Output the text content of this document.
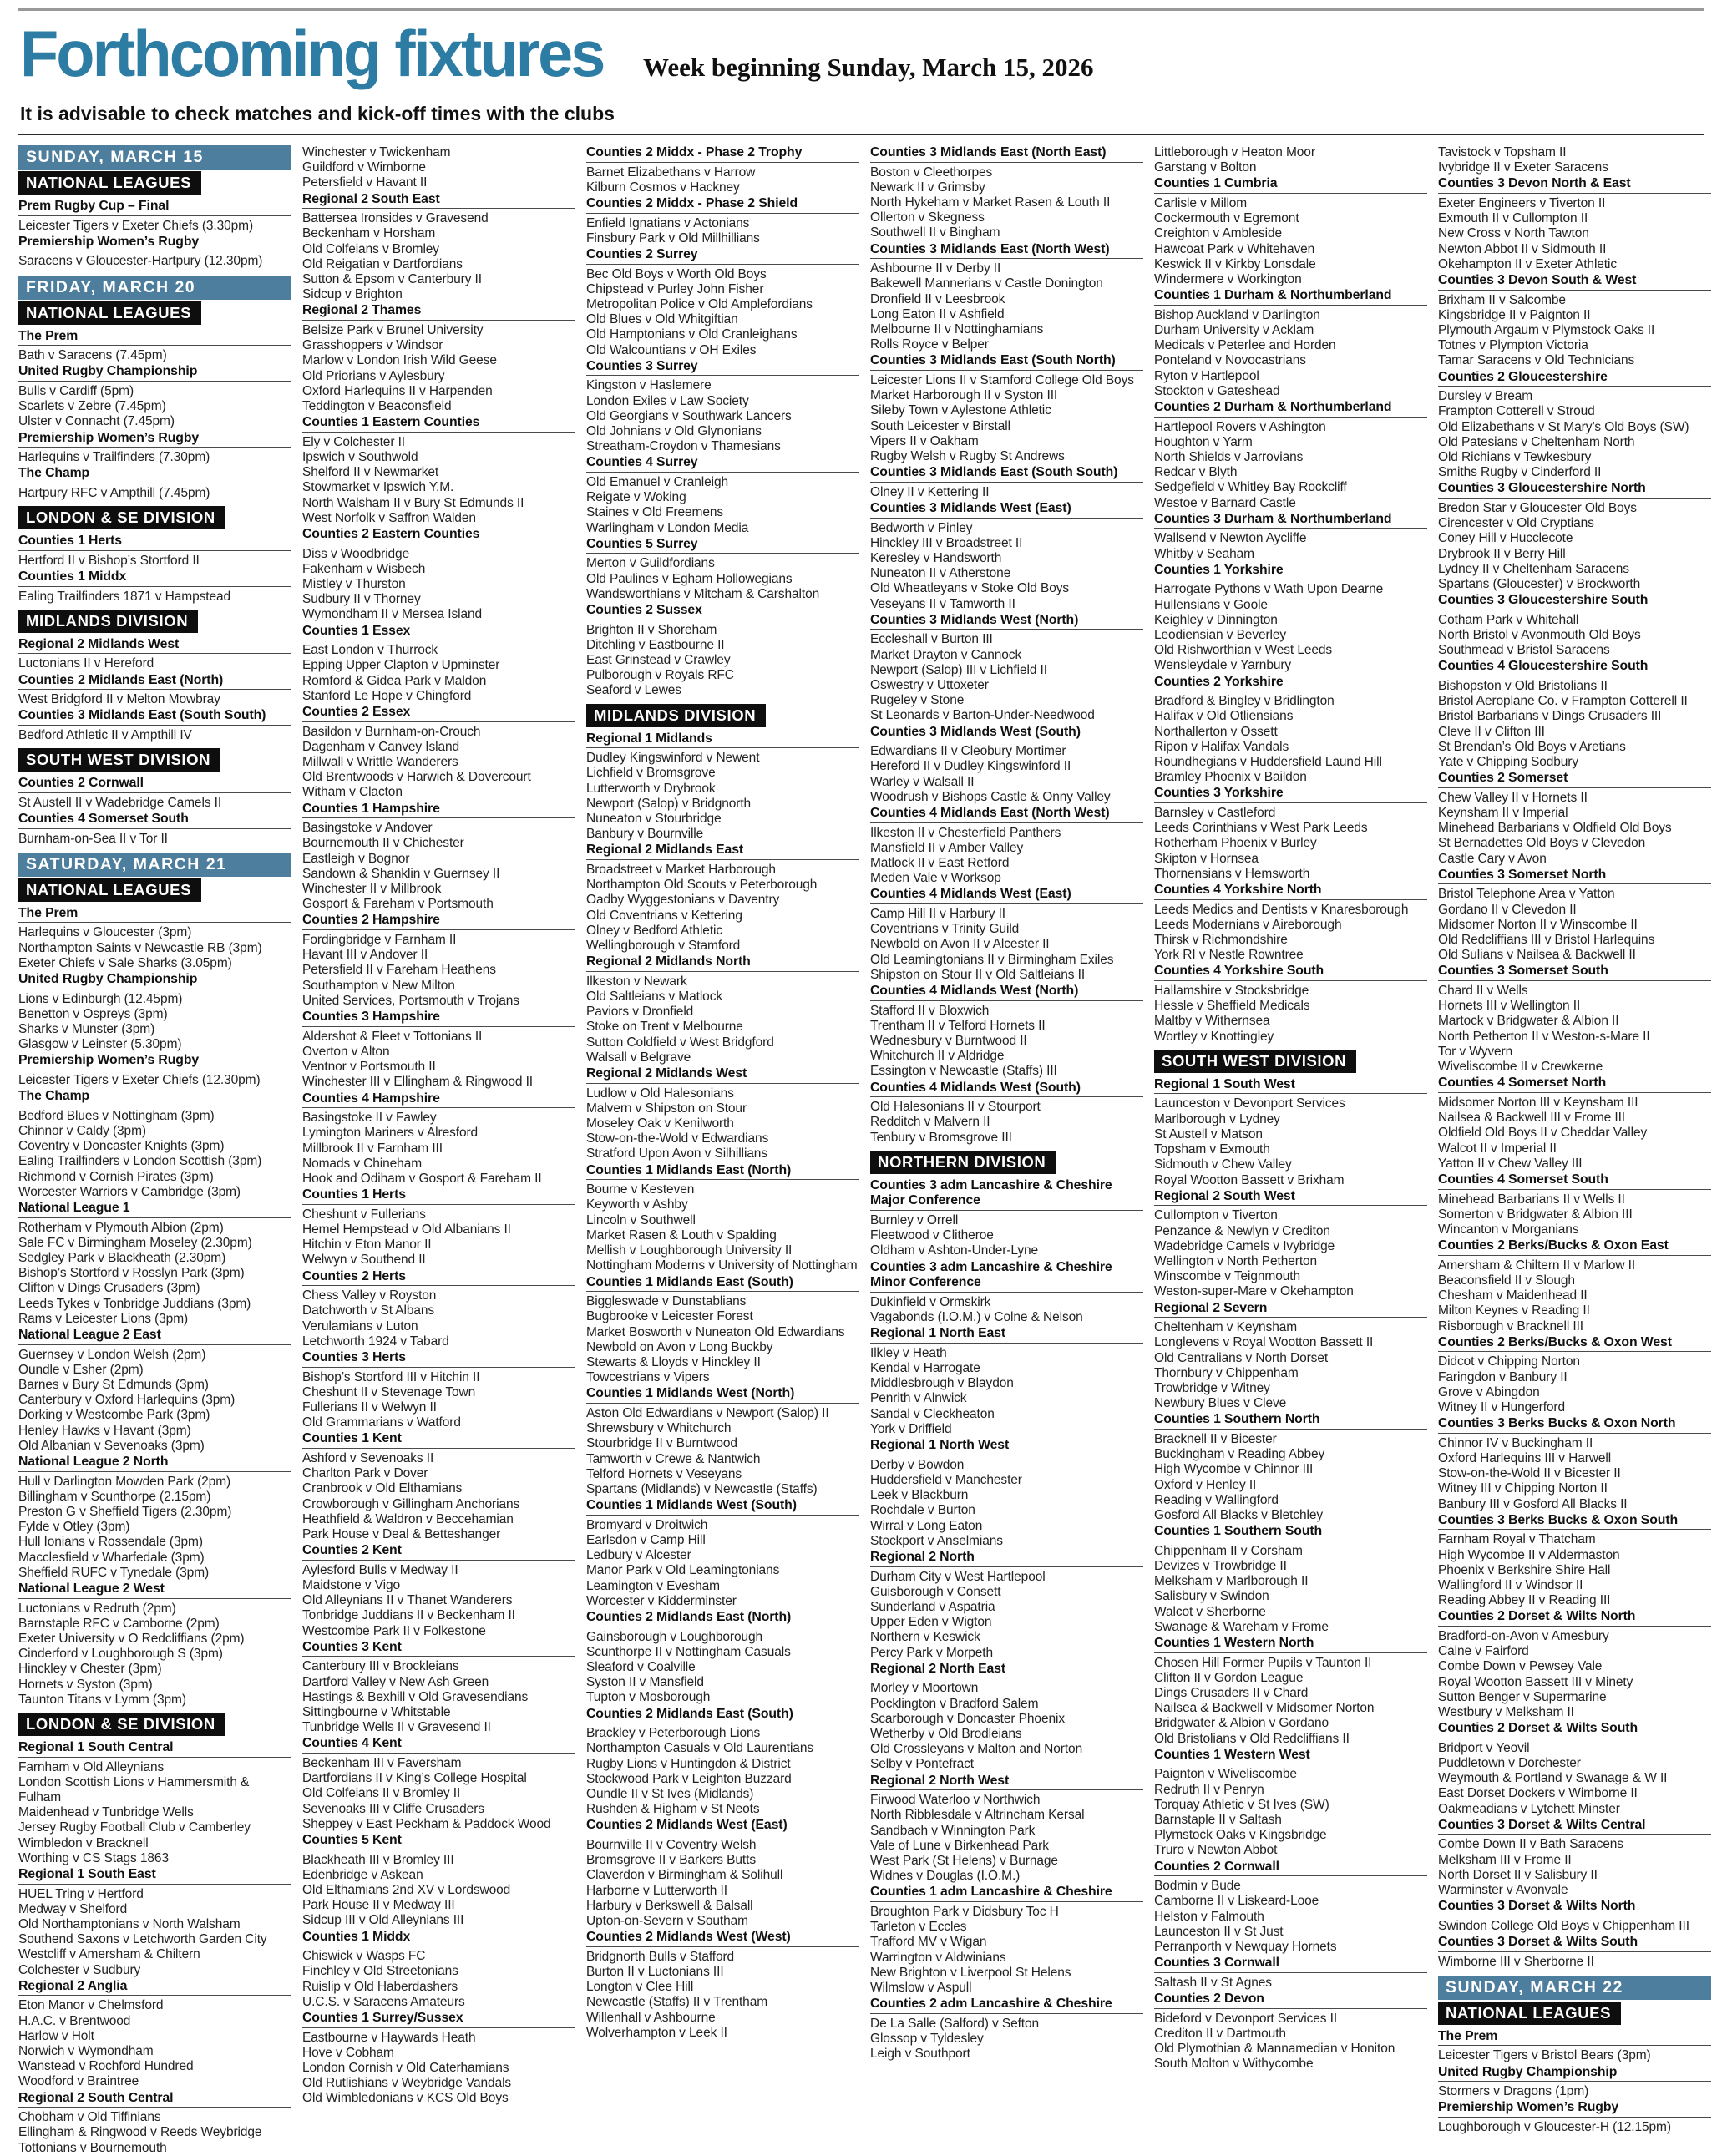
Forthcoming fixtures Week beginning Sunday, March 15, 2026
It is advisable to check matches and kick-off times with the clubs
SUNDAY, MARCH 15
NATIONAL LEAGUES
Prem Rugby Cup – Final
Leicester Tigers v Exeter Chiefs (3.30pm)
Premiership Women’s Rugby
Saracens v Gloucester-Hartpury (12.30pm)
FRIDAY, MARCH 20
NATIONAL LEAGUES
The Prem
Bath v Saracens (7.45pm)
United Rugby Championship
Bulls v Cardiff (5pm)
Scarlets v Zebre (7.45pm)
Ulster v Connacht (7.45pm)
Premiership Women’s Rugby
Harlequins v Trailfinders (7.30pm)
The Champ
Hartpury RFC v Ampthill (7.45pm)
LONDON & SE DIVISION
Counties 1 Herts
Hertford II v Bishop’s Stortford II
Counties 1 Middx
Ealing Trailfinders 1871 v Hampstead
MIDLANDS DIVISION
Regional 2 Midlands West
Luctonians II v Hereford
Counties 2 Midlands East (North)
West Bridgford II v Melton Mowbray
Counties 3 Midlands East (South South)
Bedford Athletic II v Ampthill IV
SOUTH WEST DIVISION
Counties 2 Cornwall
St Austell II v Wadebridge Camels II
Counties 4 Somerset South
Burnham-on-Sea II v Tor II
SATURDAY, MARCH 21
NATIONAL LEAGUES
The Prem
Harlequins v Gloucester (3pm)
Northampton Saints v Newcastle RB (3pm)
Exeter Chiefs v Sale Sharks (3.05pm)
United Rugby Championship
Lions v Edinburgh (12.45pm)
Benetton v Ospreys (3pm)
Sharks v Munster (3pm)
Glasgow v Leinster (5.30pm)
Premiership Women’s Rugby
Leicester Tigers v Exeter Chiefs (12.30pm)
The Champ
Bedford Blues v Nottingham (3pm)
Chinnor v Caldy (3pm)
Coventry v Doncaster Knights (3pm)
Ealing Trailfinders v London Scottish (3pm)
Richmond v Cornish Pirates (3pm)
Worcester Warriors v Cambridge (3pm)
National League 1
Rotherham v Plymouth Albion (2pm)
Sale FC v Birmingham Moseley (2.30pm)
Sedgley Park v Blackheath (2.30pm)
Bishop’s Stortford v Rosslyn Park (3pm)
Clifton v Dings Crusaders (3pm)
Leeds Tykes v Tonbridge Juddians (3pm)
Rams v Leicester Lions (3pm)
National League 2 East
Guernsey v London Welsh (2pm)
Oundle v Esher (2pm)
Barnes v Bury St Edmunds (3pm)
Canterbury v Oxford Harlequins (3pm)
Dorking v Westcombe Park (3pm)
Henley Hawks v Havant (3pm)
Old Albanian v Sevenoaks (3pm)
National League 2 North
Hull v Darlington Mowden Park (2pm)
Billingham v Scunthorpe (2.15pm)
Preston G v Sheffield Tigers (2.30pm)
Fylde v Otley (3pm)
Hull Ionians v Rossendale (3pm)
Macclesfield v Wharfedale (3pm)
Sheffield RUFC v Tynedale (3pm)
National League 2 West
Luctonians v Redruth (2pm)
Barnstaple RFC v Camborne (2pm)
Exeter University v O Redcliffians (2pm)
Cinderford v Loughborough S (3pm)
Hinckley v Chester (3pm)
Hornets v Syston (3pm)
Taunton Titans v Lymm (3pm)
LONDON & SE DIVISION
Regional 1 South Central
Farnham v Old Alleynians
London Scottish Lions v Hammersmith & Fulham
Maidenhead v Tunbridge Wells
Jersey Rugby Football Club v Camberley
Wimbledon v Bracknell
Worthing v CS Stags 1863
Regional 1 South East
HUEL Tring v Hertford
Medway v Shelford
Old Northamptonians v North Walsham
Southend Saxons v Letchworth Garden City
Westcliff v Amersham & Chiltern
Colchester v Sudbury
Regional 2 Anglia
Eton Manor v Chelmsford
H.A.C. v Brentwood
Harlow v Holt
Norwich v Wymondham
Wanstead v Rochford Hundred
Woodford v Braintree
Regional 2 South Central
Chobham v Old Tiffinians
Ellingham & Ringwood v Reeds Weybridge
Tottonians v Bournemouth
Winchester v Twickenham
Guildford v Wimborne
Petersfield v Havant II
Regional 2 South East
Battersea Ironsides v Gravesend
Beckenham v Horsham
Old Colfeians v Bromley
Old Reigatian v Dartfordians
Sutton & Epsom v Canterbury II
Sidcup v Brighton
Regional 2 Thames
Belsize Park v Brunel University
Grasshoppers v Windsor
Marlow v London Irish Wild Geese
Old Priorians v Aylesbury
Oxford Harlequins II v Harpenden
Teddington v Beaconsfield
Counties 1 Eastern Counties
Ely v Colchester II
Ipswich v Southwold
Shelford II v Newmarket
Stowmarket v Ipswich Y.M.
North Walsham II v Bury St Edmunds II
West Norfolk v Saffron Walden
Counties 2 Eastern Counties
Diss v Woodbridge
Fakenham v Wisbech
Mistley v Thurston
Sudbury II v Thorney
Wymondham II v Mersea Island
Counties 1 Essex
East London v Thurrock
Epping Upper Clapton v Upminster
Romford & Gidea Park v Maldon
Stanford Le Hope v Chingford
Counties 2 Essex
Basildon v Burnham-on-Crouch
Dagenham v Canvey Island
Millwall v Writtle Wanderers
Old Brentwoods v Harwich & Dovercourt
Witham v Clacton
Counties 1 Hampshire
Basingstoke v Andover
Bournemouth II v Chichester
Eastleigh v Bognor
Sandown & Shanklin v Guernsey II
Winchester II v Millbrook
Gosport & Fareham v Portsmouth
Counties 2 Hampshire
Fordingbridge v Farnham II
Havant III v Andover II
Petersfield II v Fareham Heathens
Southampton v New Milton
United Services, Portsmouth v Trojans
Counties 3 Hampshire
Aldershot & Fleet v Tottonians II
Overton v Alton
Ventnor v Portsmouth II
Winchester III v Ellingham & Ringwood II
Counties 4 Hampshire
Basingstoke II v Fawley
Lymington Mariners v Alresford
Millbrook II v Farnham III
Nomads v Chineham
Hook and Odiham v Gosport & Fareham II
Counties 1 Herts
Cheshunt v Fullerians
Hemel Hempstead v Old Albanians II
Hitchin v Eton Manor II
Welwyn v Southend II
Counties 2 Herts
Chess Valley v Royston
Datchworth v St Albans
Verulamians v Luton
Letchworth 1924 v Tabard
Counties 3 Herts
Bishop’s Stortford III v Hitchin II
Cheshunt II v Stevenage Town
Fullerians II v Welwyn II
Old Grammarians v Watford
Counties 1 Kent
Ashford v Sevenoaks II
Charlton Park v Dover
Cranbrook v Old Elthamians
Crowborough v Gillingham Anchorians
Heathfield & Waldron v Beccehamian
Park House v Deal & Betteshanger
Counties 2 Kent
Aylesford Bulls v Medway II
Maidstone v Vigo
Old Alleynians II v Thanet Wanderers
Tonbridge Juddians II v Beckenham II
Westcombe Park II v Folkestone
Counties 3 Kent
Canterbury III v Brockleians
Dartford Valley v New Ash Green
Hastings & Bexhill v Old Gravesendians
Sittingbourne v Whitstable
Tunbridge Wells II v Gravesend II
Counties 4 Kent
Beckenham III v Faversham
Dartfordians II v King’s College Hospital
Old Colfeians II v Bromley II
Sevenoaks III v Cliffe Crusaders
Sheppey v East Peckham & Paddock Wood
Counties 5 Kent
Blackheath III v Bromley III
Edenbridge v Askean
Old Elthamians 2nd XV v Lordswood
Park House II v Medway III
Sidcup III v Old Alleynians III
Counties 1 Middx
Chiswick v Wasps FC
Finchley v Old Streetonians
Ruislip v Old Haberdashers
U.C.S. v Saracens Amateurs
Counties 1 Surrey/Sussex
Eastbourne v Haywards Heath
Hove v Cobham
London Cornish v Old Caterhamians
Old Rutlishians v Weybridge Vandals
Old Wimbledonians v KCS Old Boys
Counties 2 Middx - Phase 2 Trophy
Barnet Elizabethans v Harrow
Kilburn Cosmos v Hackney
Counties 2 Middx - Phase 2 Shield
Enfield Ignatians v Actonians
Finsbury Park v Old Millhillians
Counties 2 Surrey
Bec Old Boys v Worth Old Boys
Chipstead v Purley John Fisher
Metropolitan Police v Old Amplefordians
Old Blues v Old Whitgiftian
Old Hamptonians v Old Cranleighans
Old Walcountians v OH Exiles
Counties 3 Surrey
Kingston v Haslemere
London Exiles v Law Society
Old Georgians v Southwark Lancers
Old Johnians v Old Glynonians
Streatham-Croydon v Thamesians
Counties 4 Surrey
Old Emanuel v Cranleigh
Reigate v Woking
Staines v Old Freemens
Warlingham v London Media
Counties 5 Surrey
Merton v Guildfordians
Old Paulines v Egham Hollowegians
Wandsworthians v Mitcham & Carshalton
Counties 2 Sussex
Brighton II v Shoreham
Ditchling v Eastbourne II
East Grinstead v Crawley
Pulborough v Royals RFC
Seaford v Lewes
MIDLANDS DIVISION
Regional 1 Midlands
Dudley Kingswinford v Newent
Lichfield v Bromsgrove
Lutterworth v Drybrook
Newport (Salop) v Bridgnorth
Nuneaton v Stourbridge
Banbury v Bournville
Regional 2 Midlands East
Broadstreet v Market Harborough
Northampton Old Scouts v Peterborough
Oadby Wyggestonians v Daventry
Old Coventrians v Kettering
Olney v Bedford Athletic
Wellingborough v Stamford
Regional 2 Midlands North
Ilkeston v Newark
Old Saltleians v Matlock
Paviors v Dronfield
Stoke on Trent v Melbourne
Sutton Coldfield v West Bridgford
Walsall v Belgrave
Regional 2 Midlands West
Ludlow v Old Halesonians
Malvern v Shipston on Stour
Moseley Oak v Kenilworth
Stow-on-the-Wold v Edwardians
Stratford Upon Avon v Silhillians
Counties 1 Midlands East (North)
Bourne v Kesteven
Keyworth v Ashby
Lincoln v Southwell
Market Rasen & Louth v Spalding
Mellish v Loughborough University II
Nottingham Moderns v University of Nottingham
Counties 1 Midlands East (South)
Biggleswade v Dunstablians
Bugbrooke v Leicester Forest
Market Bosworth v Nuneaton Old Edwardians
Newbold on Avon v Long Buckby
Stewarts & Lloyds v Hinckley II
Towcestrians v Vipers
Counties 1 Midlands West (North)
Aston Old Edwardians v Newport (Salop) II
Shrewsbury v Whitchurch
Stourbridge II v Burntwood
Tamworth v Crewe & Nantwich
Telford Hornets v Veseyans
Spartans (Midlands) v Newcastle (Staffs)
Counties 1 Midlands West (South)
Bromyard v Droitwich
Earlsdon v Camp Hill
Ledbury v Alcester
Manor Park v Old Leamingtonians
Leamington v Evesham
Worcester v Kidderminster
Counties 2 Midlands East (North)
Gainsborough v Loughborough
Scunthorpe II v Nottingham Casuals
Sleaford v Coalville
Syston II v Mansfield
Tupton v Mosborough
Counties 2 Midlands East (South)
Brackley v Peterborough Lions
Northampton Casuals v Old Laurentians
Rugby Lions v Huntingdon & District
Stockwood Park v Leighton Buzzard
Oundle II v St Ives (Midlands)
Rushden & Higham v St Neots
Counties 2 Midlands West (East)
Bournville II v Coventry Welsh
Bromsgrove II v Barkers Butts
Claverdon v Birmingham & Solihull
Harborne v Lutterworth II
Harbury v Berkswell & Balsall
Upton-on-Severn v Southam
Counties 2 Midlands West (West)
Bridgnorth Bulls v Stafford
Burton II v Luctonians III
Longton v Clee Hill
Newcastle (Staffs) II v Trentham
Willenhall v Ashbourne
Wolverhampton v Leek II
Counties 3 Midlands East (North East)
Boston v Cleethorpes
Newark II v Grimsby
North Hykeham v Market Rasen & Louth II
Ollerton v Skegness
Southwell II v Bingham
Counties 3 Midlands East (North West)
Ashbourne II v Derby II
Bakewell Mannerians v Castle Donington
Dronfield II v Leesbrook
Long Eaton II v Ashfield
Melbourne II v Nottinghamians
Rolls Royce v Belper
Counties 3 Midlands East (South North)
Leicester Lions II v Stamford College Old Boys
Market Harborough II v Syston III
Sileby Town v Aylestone Athletic
South Leicester v Birstall
Vipers II v Oakham
Rugby Welsh v Rugby St Andrews
Counties 3 Midlands East (South South)
Olney II v Kettering II
Counties 3 Midlands West (East)
Bedworth v Pinley
Hinckley III v Broadstreet II
Keresley v Handsworth
Nuneaton II v Atherstone
Old Wheatleyans v Stoke Old Boys
Veseyans II v Tamworth II
Counties 3 Midlands West (North)
Eccleshall v Burton III
Market Drayton v Cannock
Newport (Salop) III v Lichfield II
Oswestry v Uttoxeter
Rugeley v Stone
St Leonards v Barton-Under-Needwood
Counties 3 Midlands West (South)
Edwardians II v Cleobury Mortimer
Hereford II v Dudley Kingswinford II
Warley v Walsall II
Woodrush v Bishops Castle & Onny Valley
Counties 4 Midlands East (North West)
Ilkeston II v Chesterfield Panthers
Mansfield II v Amber Valley
Matlock II v East Retford
Meden Vale v Worksop
Counties 4 Midlands West (East)
Camp Hill II v Harbury II
Coventrians v Trinity Guild
Newbold on Avon II v Alcester II
Old Leamingtonians II v Birmingham Exiles
Shipston on Stour II v Old Saltleians II
Counties 4 Midlands West (North)
Stafford II v Bloxwich
Trentham II v Telford Hornets II
Wednesbury v Burntwood II
Whitchurch II v Aldridge
Essington v Newcastle (Staffs) III
Counties 4 Midlands West (South)
Old Halesonians II v Stourport
Redditch v Malvern II
Tenbury v Bromsgrove III
NORTHERN DIVISION
Counties 3 adm Lancashire & Cheshire Major Conference
Burnley v Orrell
Fleetwood v Clitheroe
Oldham v Ashton-Under-Lyne
Counties 3 adm Lancashire & Cheshire Minor Conference
Dukinfield v Ormskirk
Vagabonds (I.O.M.) v Colne & Nelson
Regional 1 North East
Ilkley v Heath
Kendal v Harrogate
Middlesbrough v Blaydon
Penrith v Alnwick
Sandal v Cleckheaton
York v Driffield
Regional 1 North West
Derby v Bowdon
Huddersfield v Manchester
Leek v Blackburn
Rochdale v Burton
Wirral v Long Eaton
Stockport v Anselmians
Regional 2 North
Durham City v West Hartlepool
Guisborough v Consett
Sunderland v Aspatria
Upper Eden v Wigton
Northern v Keswick
Percy Park v Morpeth
Regional 2 North East
Morley v Moortown
Pocklington v Bradford Salem
Scarborough v Doncaster Phoenix
Wetherby v Old Brodleians
Old Crossleyans v Malton and Norton
Selby v Pontefract
Regional 2 North West
Firwood Waterloo v Northwich
North Ribblesdale v Altrincham Kersal
Sandbach v Winnington Park
Vale of Lune v Birkenhead Park
West Park (St Helens) v Burnage
Widnes v Douglas (I.O.M.)
Counties 1 adm Lancashire & Cheshire
Broughton Park v Didsbury Toc H
Tarleton v Eccles
Trafford MV v Wigan
Warrington v Aldwinians
New Brighton v Liverpool St Helens
Wilmslow v Aspull
Counties 2 adm Lancashire & Cheshire
De La Salle (Salford) v Sefton
Glossop v Tyldesley
Leigh v Southport
Littleborough v Heaton Moor
Garstang v Bolton
Counties 1 Cumbria
Carlisle v Millom
Cockermouth v Egremont
Creighton v Ambleside
Hawcoat Park v Whitehaven
Keswick II v Kirkby Lonsdale
Windermere v Workington
Counties 1 Durham & Northumberland
Bishop Auckland v Darlington
Durham University v Acklam
Medicals v Peterlee and Horden
Ponteland v Novocastrians
Ryton v Hartlepool
Stockton v Gateshead
Counties 2 Durham & Northumberland
Hartlepool Rovers v Ashington
Houghton v Yarm
North Shields v Jarrovians
Redcar v Blyth
Sedgefield v Whitley Bay Rockcliff
Westoe v Barnard Castle
Counties 3 Durham & Northumberland
Wallsend v Newton Aycliffe
Whitby v Seaham
Counties 1 Yorkshire
Harrogate Pythons v Wath Upon Dearne
Hullensians v Goole
Keighley v Dinnington
Leodiensian v Beverley
Old Rishworthian v West Leeds
Wensleydale v Yarnbury
Counties 2 Yorkshire
Bradford & Bingley v Bridlington
Halifax v Old Otliensians
Northallerton v Ossett
Ripon v Halifax Vandals
Roundhegians v Huddersfield Laund Hill
Bramley Phoenix v Baildon
Counties 3 Yorkshire
Barnsley v Castleford
Leeds Corinthians v West Park Leeds
Rotherham Phoenix v Burley
Skipton v Hornsea
Thornensians v Hemsworth
Counties 4 Yorkshire North
Leeds Medics and Dentists v Knaresborough
Leeds Modernians v Aireborough
Thirsk v Richmondshire
York RI v Nestle Rowntree
Counties 4 Yorkshire South
Hallamshire v Stocksbridge
Hessle v Sheffield Medicals
Maltby v Withernsea
Wortley v Knottingley
SOUTH WEST DIVISION
Regional 1 South West
Launceston v Devonport Services
Marlborough v Lydney
St Austell v Matson
Topsham v Exmouth
Sidmouth v Chew Valley
Royal Wootton Bassett v Brixham
Regional 2 South West
Cullompton v Tiverton
Penzance & Newlyn v Crediton
Wadebridge Camels v Ivybridge
Wellington v North Petherton
Winscombe v Teignmouth
Weston-super-Mare v Okehampton
Regional 2 Severn
Cheltenham v Keynsham
Longlevens v Royal Wootton Bassett II
Old Centralians v North Dorset
Thornbury v Chippenham
Trowbridge v Witney
Newbury Blues v Cleve
Counties 1 Southern North
Bracknell II v Bicester
Buckingham v Reading Abbey
High Wycombe v Chinnor III
Oxford v Henley II
Reading v Wallingford
Gosford All Blacks v Bletchley
Counties 1 Southern South
Chippenham II v Corsham
Devizes v Trowbridge II
Melksham v Marlborough II
Salisbury v Swindon
Walcot v Sherborne
Swanage & Wareham v Frome
Counties 1 Western North
Chosen Hill Former Pupils v Taunton II
Clifton II v Gordon League
Dings Crusaders II v Chard
Nailsea & Backwell v Midsomer Norton
Bridgwater & Albion v Gordano
Old Bristolians v Old Redcliffians II
Counties 1 Western West
Paignton v Wiveliscombe
Redruth II v Penryn
Torquay Athletic v St Ives (SW)
Barnstaple II v Saltash
Plymstock Oaks v Kingsbridge
Truro v Newton Abbot
Counties 2 Cornwall
Bodmin v Bude
Camborne II v Liskeard-Looe
Helston v Falmouth
Launceston II v St Just
Perranporth v Newquay Hornets
Counties 3 Cornwall
Saltash II v St Agnes
Counties 2 Devon
Bideford v Devonport Services II
Crediton II v Dartmouth
Old Plymothian & Mannamedian v Honiton
South Molton v Withycombe
Tavistock v Topsham II
Ivybridge II v Exeter Saracens
Counties 3 Devon North & East
Exeter Engineers v Tiverton II
Exmouth II v Cullompton II
New Cross v North Tawton
Newton Abbot II v Sidmouth II
Okehampton II v Exeter Athletic
Counties 3 Devon South & West
Brixham II v Salcombe
Kingsbridge II v Paignton II
Plymouth Argaum v Plymstock Oaks II
Totnes v Plympton Victoria
Tamar Saracens v Old Technicians
Counties 2 Gloucestershire
Dursley v Bream
Frampton Cotterell v Stroud
Old Elizabethans v St Mary’s Old Boys (SW)
Old Patesians v Cheltenham North
Old Richians v Tewkesbury
Smiths Rugby v Cinderford II
Counties 3 Gloucestershire North
Bredon Star v Gloucester Old Boys
Cirencester v Old Cryptians
Coney Hill v Hucclecote
Drybrook II v Berry Hill
Lydney II v Cheltenham Saracens
Spartans (Gloucester) v Brockworth
Counties 3 Gloucestershire South
Cotham Park v Whitehall
North Bristol v Avonmouth Old Boys
Southmead v Bristol Saracens
Counties 4 Gloucestershire South
Bishopston v Old Bristolians II
Bristol Aeroplane Co. v Frampton Cotterell II
Bristol Barbarians v Dings Crusaders III
Cleve II v Clifton III
St Brendan’s Old Boys v Aretians
Yate v Chipping Sodbury
Counties 2 Somerset
Chew Valley II v Hornets II
Keynsham II v Imperial
Minehead Barbarians v Oldfield Old Boys
St Bernadettes Old Boys v Clevedon
Castle Cary v Avon
Counties 3 Somerset North
Bristol Telephone Area v Yatton
Gordano II v Clevedon II
Midsomer Norton II v Winscombe II
Old Redcliffians III v Bristol Harlequins
Old Sulians v Nailsea & Backwell II
Counties 3 Somerset South
Chard II v Wells
Hornets III v Wellington II
Martock v Bridgwater & Albion II
North Petherton II v Weston-s-Mare II
Tor v Wyvern
Wiveliscombe II v Crewkerne
Counties 4 Somerset North
Midsomer Norton III v Keynsham III
Nailsea & Backwell III v Frome III
Oldfield Old Boys II v Cheddar Valley
Walcot II v Imperial II
Yatton II v Chew Valley III
Counties 4 Somerset South
Minehead Barbarians II v Wells II
Somerton v Bridgwater & Albion III
Wincanton v Morganians
Counties 2 Berks/Bucks & Oxon East
Amersham & Chiltern II v Marlow II
Beaconsfield II v Slough
Chesham v Maidenhead II
Milton Keynes v Reading II
Risborough v Bracknell III
Counties 2 Berks/Bucks & Oxon West
Didcot v Chipping Norton
Faringdon v Banbury II
Grove v Abingdon
Witney II v Hungerford
Counties 3 Berks Bucks & Oxon North
Chinnor IV v Buckingham II
Oxford Harlequins III v Harwell
Stow-on-the-Wold II v Bicester II
Witney III v Chipping Norton II
Banbury III v Gosford All Blacks II
Counties 3 Berks Bucks & Oxon South
Farnham Royal v Thatcham
High Wycombe II v Aldermaston
Phoenix v Berkshire Shire Hall
Wallingford II v Windsor II
Reading Abbey II v Reading III
Counties 2 Dorset & Wilts North
Bradford-on-Avon v Amesbury
Calne v Fairford
Combe Down v Pewsey Vale
Royal Wootton Bassett III v Minety
Sutton Benger v Supermarine
Westbury v Melksham II
Counties 2 Dorset & Wilts South
Bridport v Yeovil
Puddletown v Dorchester
Weymouth & Portland v Swanage & W II
East Dorset Dockers v Wimborne II
Oakmeadians v Lytchett Minster
Counties 3 Dorset & Wilts Central
Combe Down II v Bath Saracens
Melksham III v Frome II
North Dorset II v Salisbury II
Warminster v Avonvale
Counties 3 Dorset & Wilts North
Swindon College Old Boys v Chippenham III
Counties 3 Dorset & Wilts South
Wimborne III v Sherborne II
SUNDAY, MARCH 22
NATIONAL LEAGUES
The Prem
Leicester Tigers v Bristol Bears (3pm)
United Rugby Championship
Stormers v Dragons (1pm)
Premiership Women’s Rugby
Loughborough v Gloucester-H (12.15pm)
